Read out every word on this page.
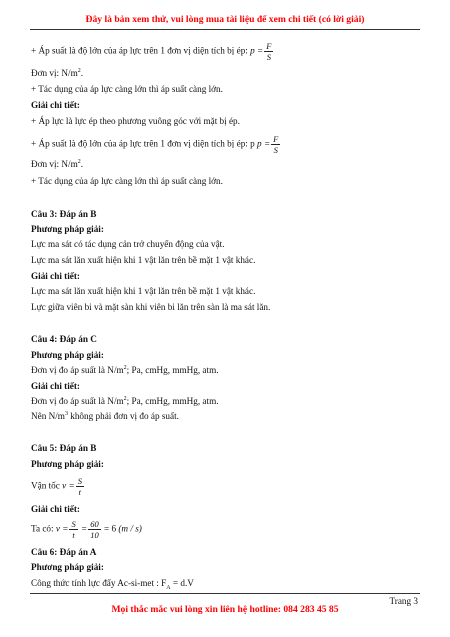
Đây là bản xem thử, vui lòng mua tài liệu để xem chi tiết (có lời giải)
+ Áp suất là độ lớn của áp lực trên 1 đơn vị diện tích bị ép: $p = \frac{F}{S}$
Đơn vị: $N/m^2$.
+ Tác dụng của áp lực càng lớn thì áp suất càng lớn.
Giải chi tiết:
+ Áp lực là lực ép theo phương vuông góc với mặt bị ép.
+ Áp suất là độ lớn của áp lực trên 1 đơn vị diện tích bị ép: p $p = \frac{F}{S}$
Đơn vị: $N/m^2$.
+ Tác dụng của áp lực càng lớn thì áp suất càng lớn.
Câu 3: Đáp án B
Phương pháp giải:
Lực ma sát có tác dụng cản trở chuyển động của vật.
Lực ma sát lăn xuất hiện khi 1 vật lăn trên bề mặt 1 vật khác.
Giải chi tiết:
Lực ma sát lăn xuất hiện khi 1 vật lăn trên bề mặt 1 vật khác.
Lực giữa viên bi và mặt sàn khi viên bi lăn trên sàn là ma sát lăn.
Câu 4: Đáp án C
Phương pháp giải:
Đơn vị đo áp suất là $N/m^2$; Pa, cmHg, mmHg, atm.
Giải chi tiết:
Đơn vị đo áp suất là $N/m^2$; Pa, cmHg, mmHg, atm.
Nên $N/m^3$ không phải đơn vị đo áp suất.
Câu 5: Đáp án B
Phương pháp giải:
Vận tốc $v = \frac{S}{t}$
Giải chi tiết:
Ta có: $v = \frac{S}{t} = \frac{60}{10} = 6$ (m / s)
Câu 6: Đáp án A
Phương pháp giải:
Công thức tính lực đẩy Ac-si-met : $F_A = d.V$
Trang 3
Mọi thắc mắc vui lòng xin liên hệ hotline: 084 283 45 85
